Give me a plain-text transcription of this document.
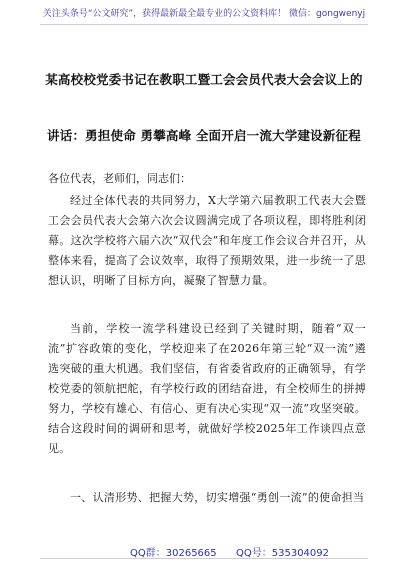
关注头条号“公文研究”，获得最新最全最专业的公文资料库！ 微信：gongwenyj
某高校校党委书记在教职工暨工会会员代表大会会议上的
讲话：勇担使命 勇攀高峰 全面开启一流大学建设新征程
各位代表，老师们，同志们：
经过全体代表的共同努力，X大学第六届教职工代表大会暨工会会员代表大会第六次会议圆满完成了各项议程，即将胜利闭幕。这次学校将六届六次“双代会”和年度工作会议合并召开，从整体来看，提高了会议效率，取得了预期效果，进一步统一了思想认识，明晰了目标方向，凝聚了智慧力量。
当前，学校一流学科建设已经到了关键时期，随着“双一流”扩容政策的变化，学校迎来了在2026年第三轮“双一流”遴选突破的重大机遇。我们坚信，有省委省政府的正确领导，有学校党委的领航把舵，有学校行政的团结奋进，有全校师生的拼搏努力，学校有雄心、有信心、更有决心实现“双一流”攻坚突破。结合这段时间的调研和思考，就做好学校2025年工作谈四点意见。
一、认清形势、把握大势，切实增强“勇创一流”的使命担当
QQ群：30265665 QQ号：535304092
